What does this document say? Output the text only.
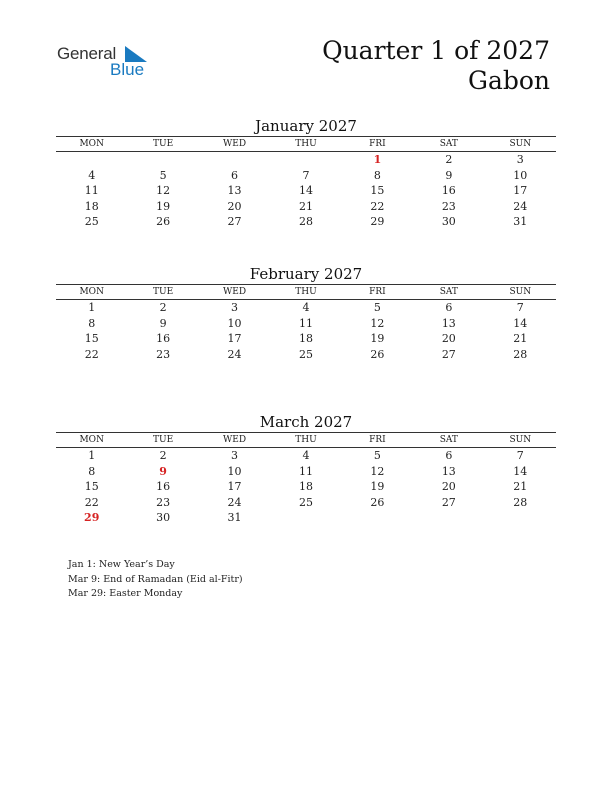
General
Blue
Quarter 1 of 2027
Gabon
January 2027
MON	TUE	WED	THU	FRI	SAT	SUN
				1	2	3
4	5	6	7	8	9	10
11	12	13	14	15	16	17
18	19	20	21	22	23	24
25	26	27	28	29	30	31
February 2027
MON	TUE	WED	THU	FRI	SAT	SUN
1	2	3	4	5	6	7
8	9	10	11	12	13	14
15	16	17	18	19	20	21
22	23	24	25	26	27	28
March 2027
MON	TUE	WED	THU	FRI	SAT	SUN
1	2	3	4	5	6	7
8	9	10	11	12	13	14
15	16	17	18	19	20	21
22	23	24	25	26	27	28
29	30	31				
Jan 1: New Year’s Day
Mar 9: End of Ramadan (Eid al-Fitr)
Mar 29: Easter Monday
